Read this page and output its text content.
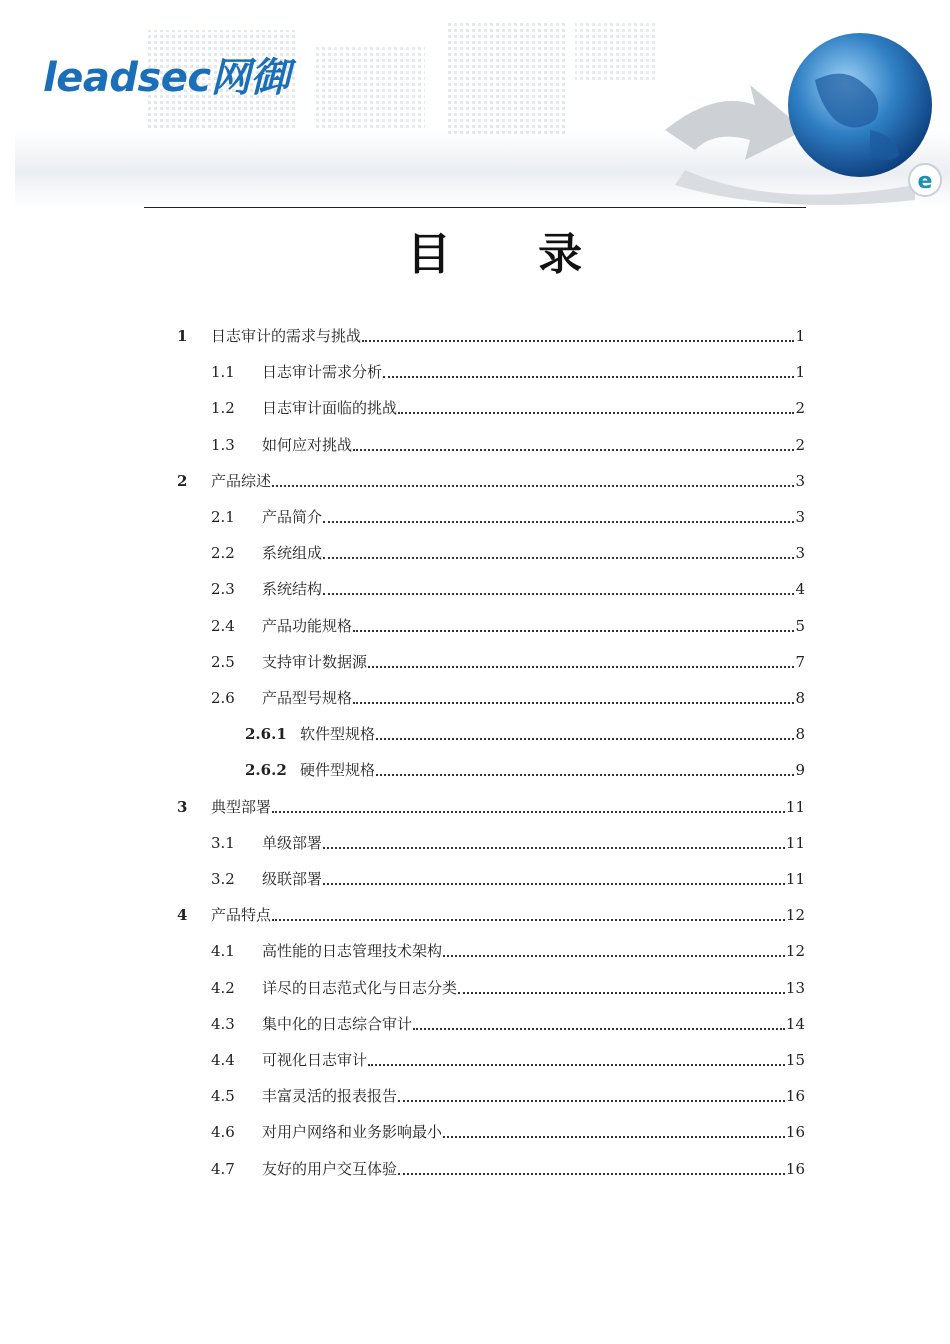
e
leadsec网御
目 录
1	日志审计的需求与挑战	1
1.1	日志审计需求分析	1
1.2	日志审计面临的挑战	2
1.3	如何应对挑战	2
2	产品综述	3
2.1	产品简介	3
2.2	系统组成	3
2.3	系统结构	4
2.4	产品功能规格	5
2.5	支持审计数据源	7
2.6	产品型号规格	8
2.6.1 软件型规格	8
2.6.2 硬件型规格	9
3	典型部署	11
3.1	单级部署	11
3.2	级联部署	11
4	产品特点	12
4.1	高性能的日志管理技术架构	12
4.2	详尽的日志范式化与日志分类	13
4.3	集中化的日志综合审计	14
4.4	可视化日志审计	15
4.5	丰富灵活的报表报告	16
4.6	对用户网络和业务影响最小	16
4.7	友好的用户交互体验	16
